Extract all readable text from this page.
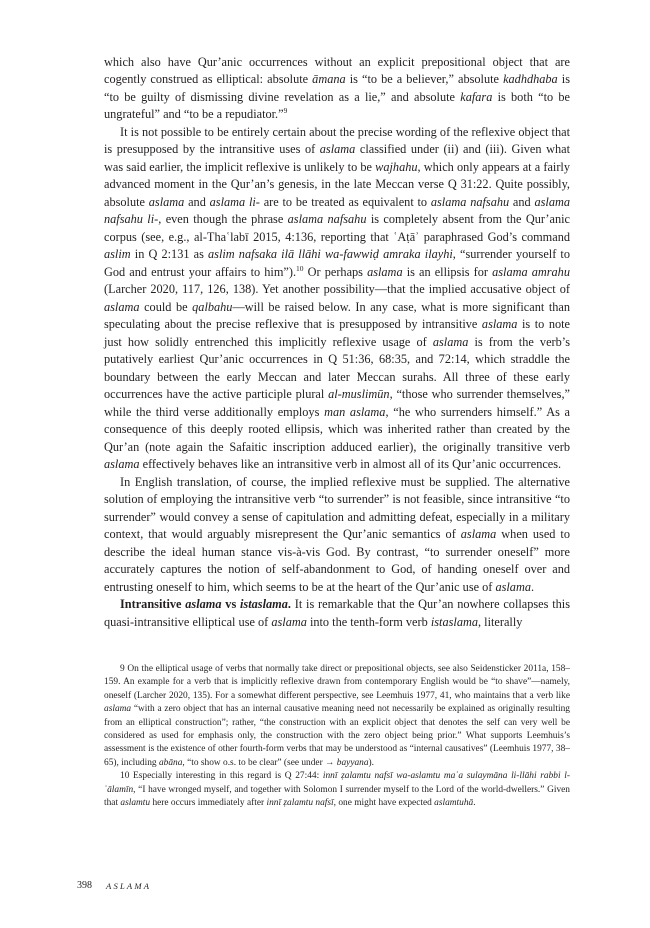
which also have Qur’anic occurrences without an explicit prepositional object that are cogently construed as elliptical: absolute āmana is “to be a believer,” absolute kadhdhaba is “to be guilty of dismissing divine revelation as a lie,” and absolute kafara is both “to be ungrateful” and “to be a repudiator.”$^9$

It is not possible to be entirely certain about the precise wording of the reflexive object that is presupposed by the intransitive uses of aslama classified under (ii) and (iii). Given what was said earlier, the implicit reflexive is unlikely to be wajhahu, which only appears at a fairly advanced moment in the Qur’an’s genesis, in the late Meccan verse Q 31:22. Quite possibly, absolute aslama and aslama li- are to be treated as equivalent to aslama nafsahu and aslama nafsahu li-, even though the phrase aslama nafsahu is completely absent from the Qur’anic corpus (see, e.g., al-Thaʿlabī 2015, 4:136, reporting that ʿAṭāʾ paraphrased God’s command aslim in Q 2:131 as aslim nafsaka ilā llāhi wa-fawwiḍ amraka ilayhi, “surrender yourself to God and entrust your affairs to him”).$^{10}$ Or perhaps aslama is an ellipsis for aslama amrahu (Larcher 2020, 117, 126, 138). Yet another possibility—that the implied accusative object of aslama could be qalbahu—will be raised below. In any case, what is more significant than speculating about the precise reflexive that is presupposed by intransitive aslama is to note just how solidly entrenched this implicitly reflexive usage of aslama is from the verb’s putatively earliest Qur’anic occurrences in Q 51:36, 68:35, and 72:14, which straddle the boundary between the early Meccan and later Meccan surahs. All three of these early occurrences have the active participle plural al-muslimūn, “those who surrender themselves,” while the third verse additionally employs man aslama, “he who surrenders himself.” As a consequence of this deeply rooted ellipsis, which was inherited rather than created by the Qur’an (note again the Safaitic inscription adduced earlier), the originally transitive verb aslama effectively behaves like an intransitive verb in almost all of its Qur’anic occurrences.

In English translation, of course, the implied reflexive must be supplied. The alternative solution of employing the intransitive verb “to surrender” is not feasible, since intransitive “to surrender” would convey a sense of capitulation and admitting defeat, especially in a military context, that would arguably misrepresent the Qur’anic semantics of aslama when used to describe the ideal human stance vis-à-vis God. By contrast, “to surrender oneself” more accurately captures the notion of self-abandonment to God, of handing oneself over and entrusting oneself to him, which seems to be at the heart of the Qur’anic use of aslama.

Intransitive aslama vs istaslama. It is remarkable that the Qur’an nowhere collapses this quasi-intransitive elliptical use of aslama into the tenth-form verb istaslama, literally

9 On the elliptical usage of verbs that normally take direct or prepositional objects, see also Seidensticker 2011a, 158–159. An example for a verb that is implicitly reflexive drawn from contemporary English would be “to shave”—namely, oneself (Larcher 2020, 135). For a somewhat different perspective, see Leemhuis 1977, 41, who maintains that a verb like aslama “with a zero object that has an internal causative meaning need not necessarily be explained as originally resulting from an elliptical construction”; rather, “the construction with an explicit object that denotes the self can very well be considered as used for emphasis only, the construction with the zero object being prior.” What supports Leemhuis’s assessment is the existence of other fourth-form verbs that may be understood as “internal causatives” (Leemhuis 1977, 38–65), including abāna, “to show o.s. to be clear” (see under → bayyana).

10 Especially interesting in this regard is Q 27:44: innī ẓalamtu nafsī wa-aslamtu maʿa sulaymāna li-llāhi rabbi l-ʿālamīn, “I have wronged myself, and together with Solomon I surrender myself to the Lord of the world-dwellers.” Given that aslamtu here occurs immediately after innī ẓalamtu nafsī, one might have expected aslamtuhā.

398 ASLAMA
